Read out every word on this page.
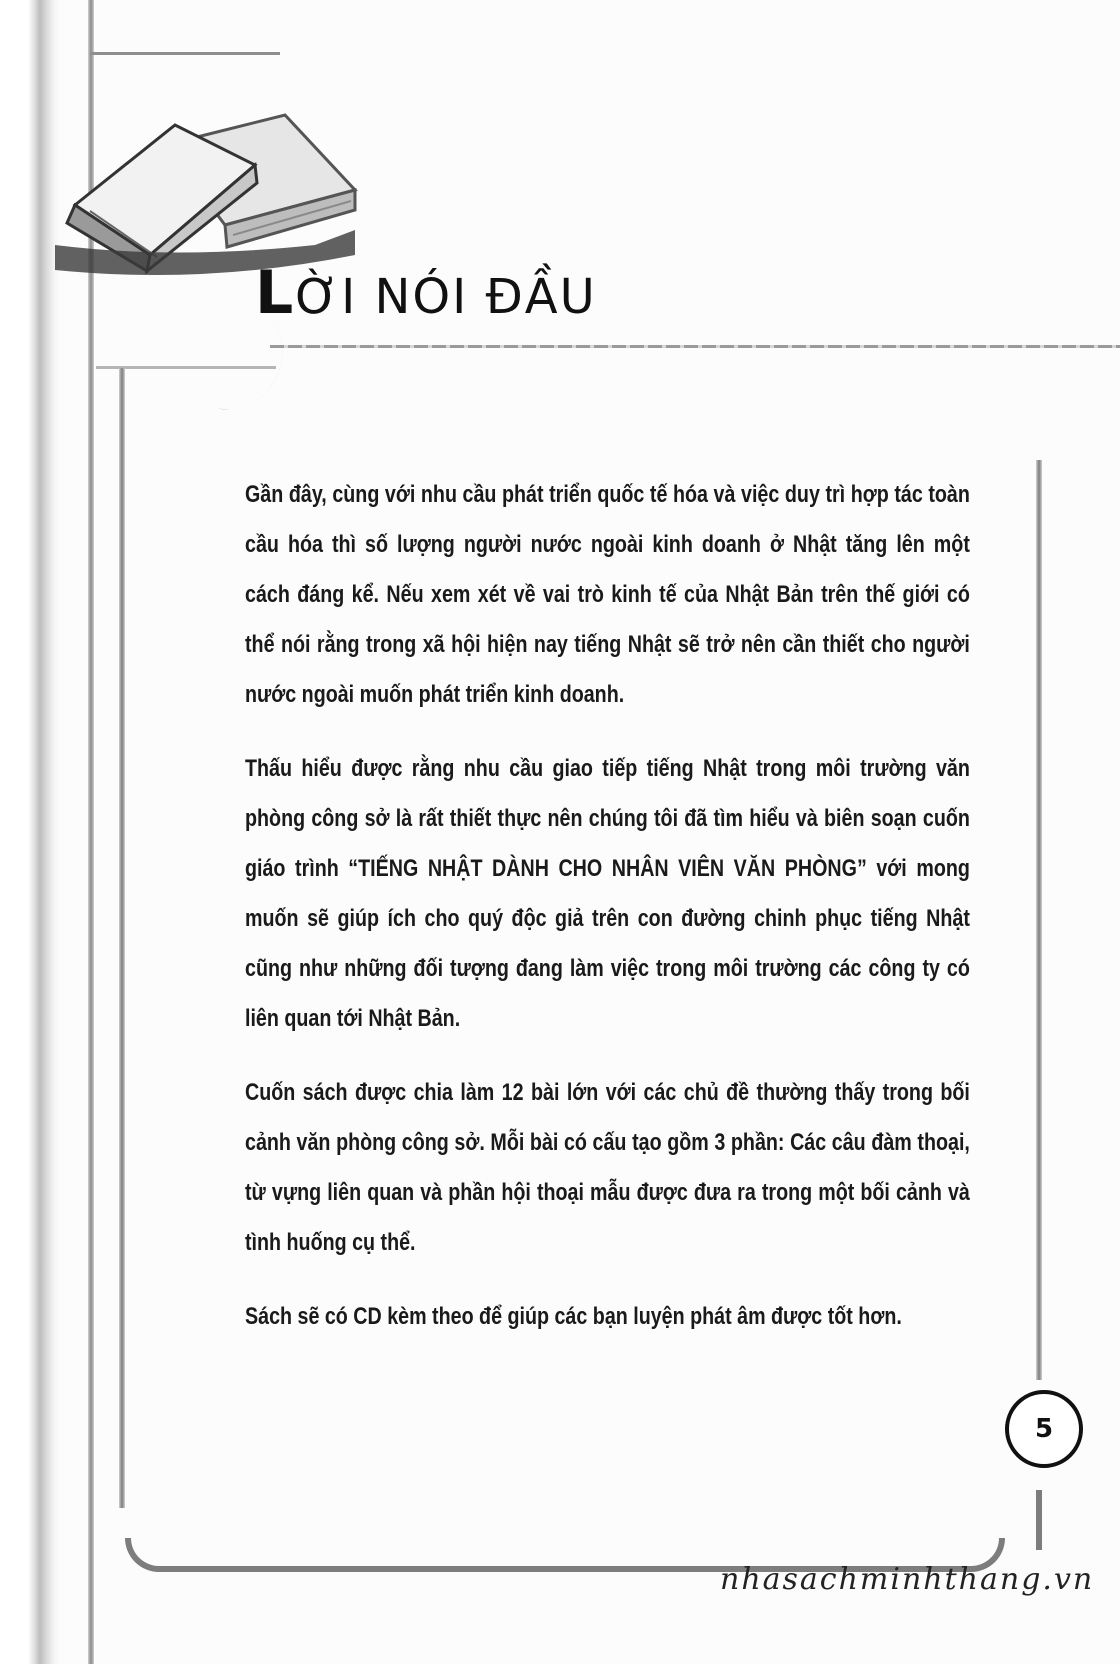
LỜI NÓI ĐẦU

Gần đây, cùng với nhu cầu phát triển quốc tế hóa và việc duy trì hợp tác toàn cầu hóa thì số lượng người nước ngoài kinh doanh ở Nhật tăng lên một cách đáng kể. Nếu xem xét về vai trò kinh tế của Nhật Bản trên thế giới có thể nói rằng trong xã hội hiện nay tiếng Nhật sẽ trở nên cần thiết cho người nước ngoài muốn phát triển kinh doanh.

Thấu hiểu được rằng nhu cầu giao tiếp tiếng Nhật trong môi trường văn phòng công sở là rất thiết thực nên chúng tôi đã tìm hiểu và biên soạn cuốn giáo trình “TIẾNG NHẬT DÀNH CHO NHÂN VIÊN VĂN PHÒNG” với mong muốn sẽ giúp ích cho quý độc giả trên con đường chinh phục tiếng Nhật cũng như những đối tượng đang làm việc trong môi trường các công ty có liên quan tới Nhật Bản.

Cuốn sách được chia làm 12 bài lớn với các chủ đề thường thấy trong bối cảnh văn phòng công sở. Mỗi bài có cấu tạo gồm 3 phần: Các câu đàm thoại, từ vựng liên quan và phần hội thoại mẫu được đưa ra trong một bối cảnh và tình huống cụ thể.

Sách sẽ có CD kèm theo để giúp các bạn luyện phát âm được tốt hơn.

5
nhasachminhthang.vn
